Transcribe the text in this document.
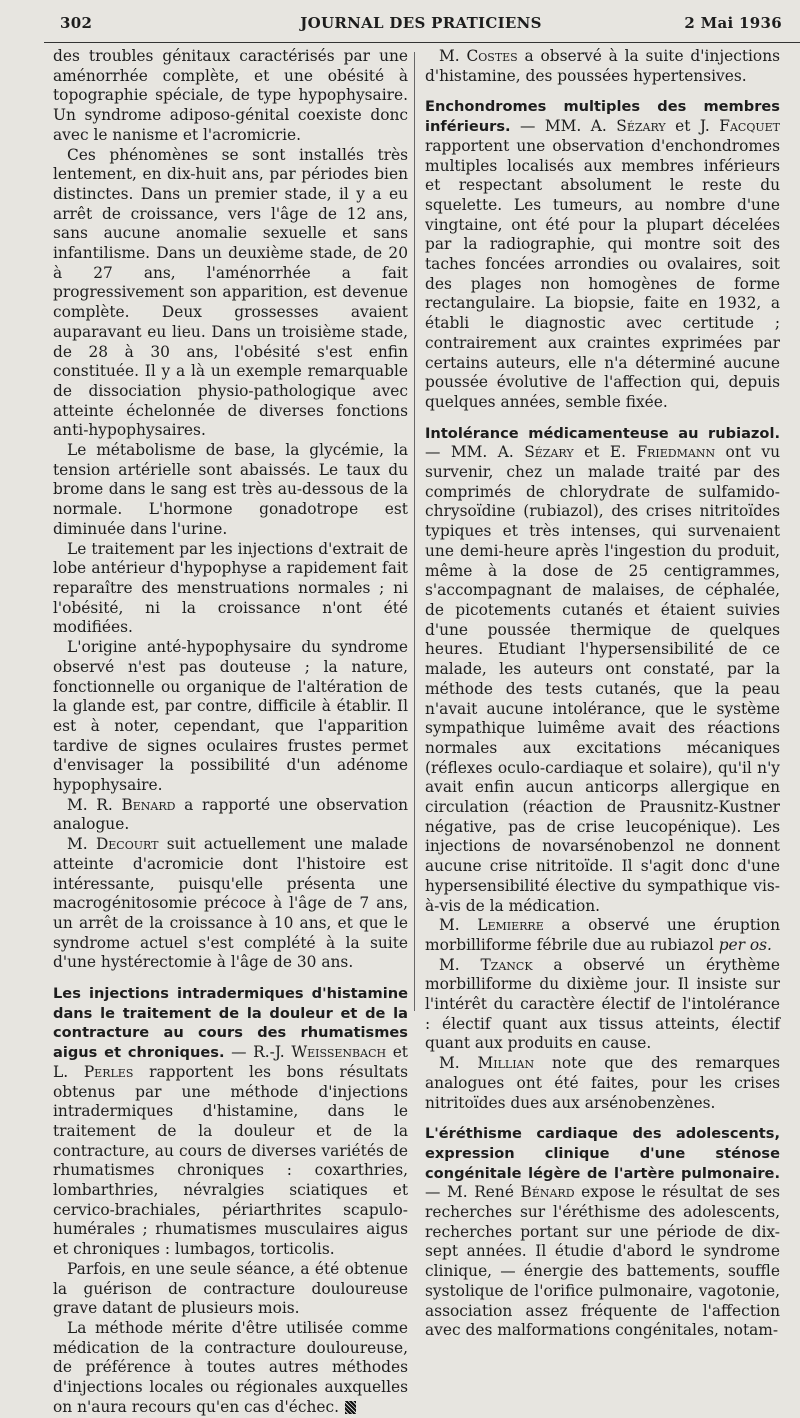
302	JOURNAL DES PRATICIENS	2 Mai 1936

des troubles génitaux caractérisés par une aménorrhée complète, et une obésité à topographie spéciale, de type hypophysaire. Un syndrome adiposo-génital coexiste donc avec le nanisme et l'acromicrie.

Ces phénomènes se sont installés très lentement, en dix-huit ans, par périodes bien distinctes. Dans un premier stade, il y a eu arrêt de croissance, vers l'âge de 12 ans, sans aucune anomalie sexuelle et sans infantilisme. Dans un deuxième stade, de 20 à 27 ans, l'aménorrhée a fait progressivement son apparition, est devenue complète. Deux grossesses avaient auparavant eu lieu. Dans un troisième stade, de 28 à 30 ans, l'obésité s'est enfin constituée. Il y a là un exemple remarquable de dissociation physio-pathologique avec atteinte échelonnée de diverses fonctions anti-hypophysaires.

Le métabolisme de base, la glycémie, la tension artérielle sont abaissés. Le taux du brome dans le sang est très au-dessous de la normale. L'hormone gonadotrope est diminuée dans l'urine.

Le traitement par les injections d'extrait de lobe antérieur d'hypophyse a rapidement fait reparaître des menstruations normales ; ni l'obésité, ni la croissance n'ont été modifiées.

L'origine anté-hypophysaire du syndrome observé n'est pas douteuse ; la nature, fonctionnelle ou organique de l'altération de la glande est, par contre, difficile à établir. Il est à noter, cependant, que l'apparition tardive de signes oculaires frustes permet d'envisager la possibilité d'un adénome hypophysaire.

M. R. Benard a rapporté une observation analogue.

M. Decourt suit actuellement une malade atteinte d'acromicie dont l'histoire est intéressante, puisqu'elle présenta une macrogénitosomie précoce à l'âge de 7 ans, un arrêt de la croissance à 10 ans, et que le syndrome actuel s'est complété à la suite d'une hystérectomie à l'âge de 30 ans.

Les injections intradermiques d'histamine dans le traitement de la douleur et de la contracture au cours des rhumatismes aigus et chroniques. — R.-J. Weissenbach et L. Perles rapportent les bons résultats obtenus par une méthode d'injections intradermiques d'histamine, dans le traitement de la douleur et de la contracture, au cours de diverses variétés de rhumatismes chroniques : coxarthries, lombarthries, névralgies sciatiques et cervico-brachiales, périarthrites scapulo-humérales ; rhumatismes musculaires aigus et chroniques : lumbagos, torticolis.

Parfois, en une seule séance, a été obtenue la guérison de contracture douloureuse grave datant de plusieurs mois.

La méthode mérite d'être utilisée comme médication de la contracture douloureuse, de préférence à toutes autres méthodes d'injections locales ou régionales auxquelles on n'aura recours qu'en cas d'échec.

M. Costes a observé à la suite d'injections d'histamine, des poussées hypertensives.

Enchondromes multiples des membres inférieurs. — MM. A. Sézary et J. Facquet rapportent une observation d'enchondromes multiples localisés aux membres inférieurs et respectant absolument le reste du squelette. Les tumeurs, au nombre d'une vingtaine, ont été pour la plupart décelées par la radiographie, qui montre soit des taches foncées arrondies ou ovalaires, soit des plages non homogènes de forme rectangulaire. La biopsie, faite en 1932, a établi le diagnostic avec certitude ; contrairement aux craintes exprimées par certains auteurs, elle n'a déterminé aucune poussée évolutive de l'affection qui, depuis quelques années, semble fixée.

Intolérance médicamenteuse au rubiazol. — MM. A. Sézary et E. Friedmann ont vu survenir, chez un malade traité par des comprimés de chlorydrate de sulfamido-chrysoïdine (rubiazol), des crises nitritoïdes typiques et très intenses, qui survenaient une demi-heure après l'ingestion du produit, même à la dose de 25 centigrammes, s'accompagnant de malaises, de céphalée, de picotements cutanés et étaient suivies d'une poussée thermique de quelques heures. Etudiant l'hypersensibilité de ce malade, les auteurs ont constaté, par la méthode des tests cutanés, que la peau n'avait aucune intolérance, que le système sympathique luimême avait des réactions normales aux excitations mécaniques (réflexes oculo-cardiaque et solaire), qu'il n'y avait enfin aucun anticorps allergique en circulation (réaction de Prausnitz-Kustner négative, pas de crise leucopénique). Les injections de novarsénobenzol ne donnent aucune crise nitritoïde. Il s'agit donc d'une hypersensibilité élective du sympathique vis-à-vis de la médication.

M. Lemierre a observé une éruption morbilliforme fébrile due au rubiazol per os.

M. Tzanck a observé un érythème morbilliforme du dixième jour. Il insiste sur l'intérêt du caractère électif de l'intolérance : électif quant aux tissus atteints, électif quant aux produits en cause.

M. Millian note que des remarques analogues ont été faites, pour les crises nitritoïdes dues aux arsénobenzènes.

L'éréthisme cardiaque des adolescents, expression clinique d'une sténose congénitale légère de l'artère pulmonaire. — M. René Bénard expose le résultat de ses recherches sur l'éréthisme des adolescents, recherches portant sur une période de dix-sept années. Il étudie d'abord le syndrome clinique, — énergie des battements, souffle systolique de l'orifice pulmonaire, vagotonie, association assez fréquente de l'affection avec des malformations congénitales, notam-
